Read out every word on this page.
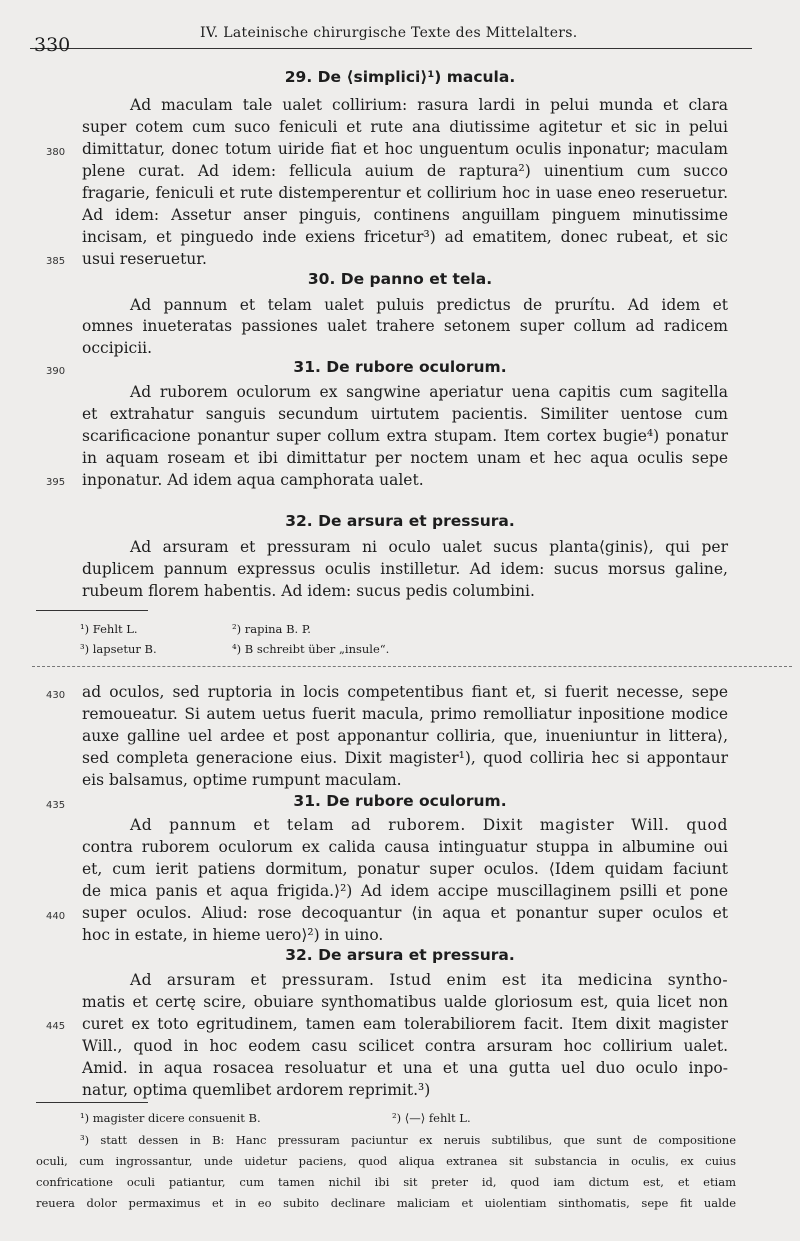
330
IV. Lateinische chirurgische Texte des Mittelalters.
29. De ⟨simplici⟩¹) macula.
Ad maculam tale ualet collirium: rasura lardi in pelui munda et clara
super cotem cum suco feniculi et rute ana diutissime agitetur et sic in pelui
380 dimittatur, donec totum uiride fiat et hoc unguentum oculis inponatur; maculam
plene curat. Ad idem: fellicula auium de raptura²) uinentium cum succo
fragarie, feniculi et rute distemperentur et collirium hoc in uase eneo reseruetur.
Ad idem: Assetur anser pinguis, continens anguillam pinguem minutissime
incisam, et pinguedo inde exiens fricetur³) ad ematitem, donec rubeat, et sic
385 usui reseruetur.
30. De panno et tela.
Ad pannum et telam ualet puluis predictus de prurítu. Ad idem et
omnes inueteratas passiones ualet trahere setonem super collum ad radicem
occipicii.
390	31. De rubore oculorum.
Ad ruborem oculorum ex sangwine aperiatur uena capitis cum sagitella
et extrahatur sanguis secundum uirtutem pacientis. Similiter uentose cum
scarificacione ponantur super collum extra stupam. Item cortex bugie⁴) ponatur
in aquam roseam et ibi dimittatur per noctem unam et hec aqua oculis sepe
395 inponatur. Ad idem aqua camphorata ualet.
32. De arsura et pressura.
Ad arsuram et pressuram ni oculo ualet sucus planta⟨ginis⟩, qui per
duplicem pannum expressus oculis instilletur. Ad idem: sucus morsus galine,
rubeum florem habentis. Ad idem: sucus pedis columbini.
¹) Fehlt L.	²) rapina B. P.
³) lapsetur B.	⁴) B schreibt über „insule“.
430 ad oculos, sed ruptoria in locis competentibus fiant et, si fuerit necesse, sepe
remoueatur. Si autem uetus fuerit macula, primo remolliatur inpositione modice
auxe galline uel ardee et post apponantur colliria, que, inueniuntur in littera⟩,
sed completa generacione eius. Dixit magister¹), quod colliria hec si appontaur
eis balsamus, optime rumpunt maculam.
435	31. De rubore oculorum.
Ad pannum et telam ad ruborem. Dixit magister Will. quod
contra ruborem oculorum ex calida causa intinguatur stuppa in albumine oui
et, cum ierit patiens dormitum, ponatur super oculos. ⟨Idem quidam faciunt
de mica panis et aqua frigida.⟩²) Ad idem accipe muscillaginem psilli et pone
440 super oculos. Aliud: rose decoquantur ⟨in aqua et ponantur super oculos et
hoc in estate, in hieme uero⟩²) in uino.
32. De arsura et pressura.
Ad arsuram et pressuram. Istud enim est ita medicina syntho-
matis et certę scire, obuiare synthomatibus ualde gloriosum est, quia licet non
445 curet ex toto egritudinem, tamen eam tolerabiliorem facit. Item dixit magister
Will., quod in hoc eodem casu scilicet contra arsuram hoc collirium ualet.
Amid. in aqua rosacea resoluatur et una et una gutta uel duo oculo inpo-
natur, optima quemlibet ardorem reprimit.³)
¹) magister dicere consuenit B.	²) ⟨—⟩ fehlt L.
³) statt dessen in B: Hanc pressuram paciuntur ex neruis subtilibus, que sunt de compositione
oculi, cum ingrossantur, unde uidetur paciens, quod aliqua extranea sit substancia in oculis, ex cuius
confricatione oculi patiantur, cum tamen nichil ibi sit preter id, quod iam dictum est, et etiam
reuera dolor permaximus et in eo subito declinare maliciam et uiolentiam sinthomatis, sepe fit ualde
